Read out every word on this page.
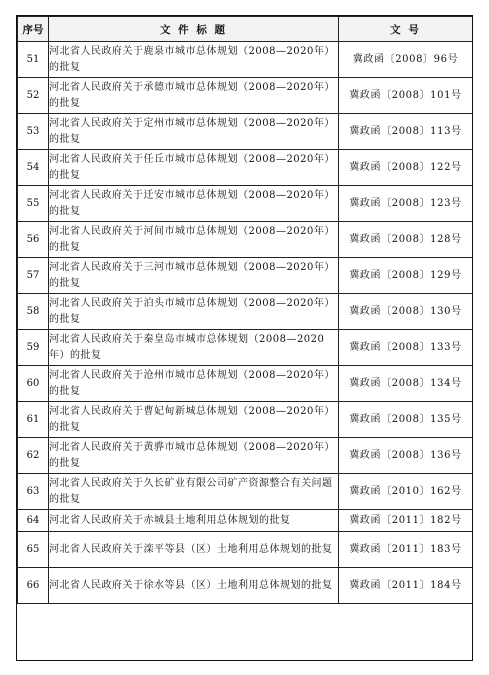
序号	文 件 标 题	文 号
51	河北省人民政府关于鹿泉市城市总体规划（2008—2020年）的批复	冀政函〔2008〕96号
52	河北省人民政府关于承德市城市总体规划（2008—2020年）的批复	冀政函〔2008〕101号
53	河北省人民政府关于定州市城市总体规划（2008—2020年）的批复	冀政函〔2008〕113号
54	河北省人民政府关于任丘市城市总体规划（2008—2020年）的批复	冀政函〔2008〕122号
55	河北省人民政府关于迁安市城市总体规划（2008—2020年）的批复	冀政函〔2008〕123号
56	河北省人民政府关于河间市城市总体规划（2008—2020年）的批复	冀政函〔2008〕128号
57	河北省人民政府关于三河市城市总体规划（2008—2020年）的批复	冀政函〔2008〕129号
58	河北省人民政府关于泊头市城市总体规划（2008—2020年）的批复	冀政函〔2008〕130号
59	河北省人民政府关于秦皇岛市城市总体规划（2008—2020年）的批复	冀政函〔2008〕133号
60	河北省人民政府关于沧州市城市总体规划（2008—2020年）的批复	冀政函〔2008〕134号
61	河北省人民政府关于曹妃甸新城总体规划（2008—2020年）的批复	冀政函〔2008〕135号
62	河北省人民政府关于黄骅市城市总体规划（2008—2020年）的批复	冀政函〔2008〕136号
63	河北省人民政府关于久长矿业有限公司矿产资源整合有关问题的批复	冀政函〔2010〕162号
64	河北省人民政府关于赤城县土地利用总体规划的批复	冀政函〔2011〕182号
65	河北省人民政府关于滦平等县（区）土地利用总体规划的批复	冀政函〔2011〕183号
66	河北省人民政府关于徐水等县（区）土地利用总体规划的批复	冀政函〔2011〕184号
